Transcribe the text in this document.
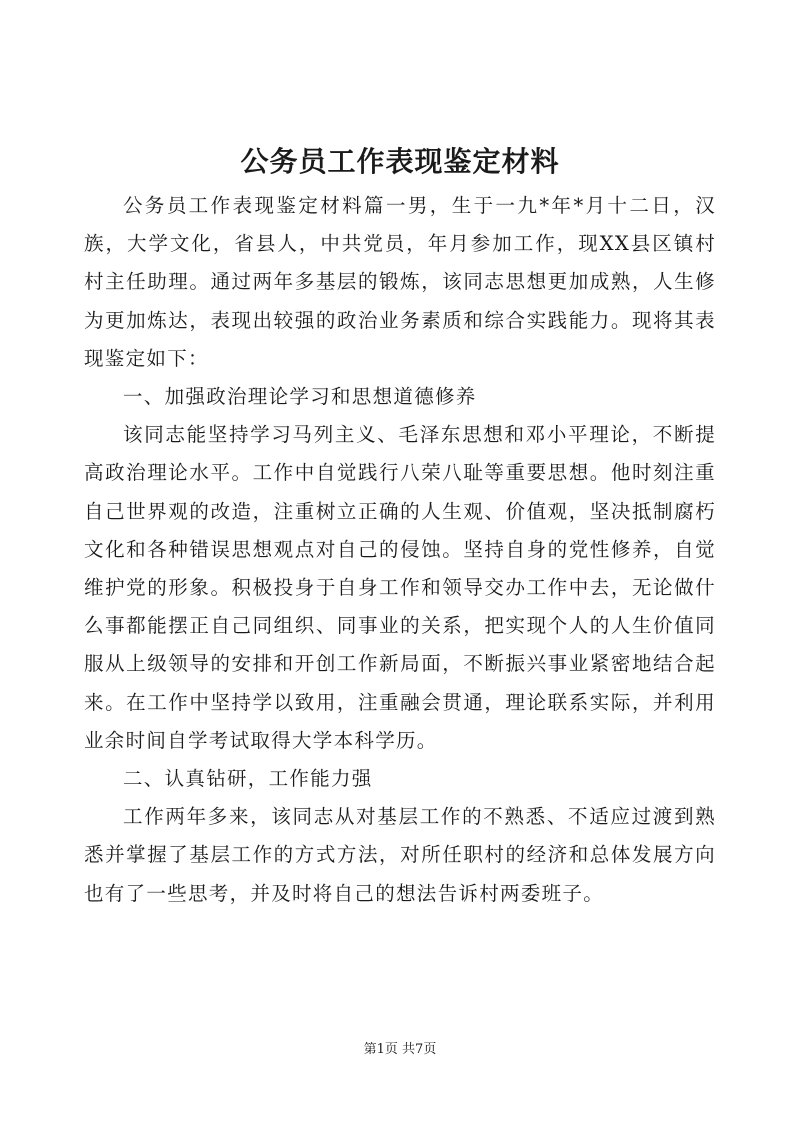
公务员工作表现鉴定材料

公务员工作表现鉴定材料篇一男，生于一九*年*月十二日，汉族，大学文化，省县人，中共党员，年月参加工作，现XX县区镇村村主任助理。通过两年多基层的锻炼，该同志思想更加成熟，人生修为更加炼达，表现出较强的政治业务素质和综合实践能力。现将其表现鉴定如下：

一、加强政治理论学习和思想道德修养

该同志能坚持学习马列主义、毛泽东思想和邓小平理论，不断提高政治理论水平。工作中自觉践行八荣八耻等重要思想。他时刻注重自己世界观的改造，注重树立正确的人生观、价值观，坚决抵制腐朽文化和各种错误思想观点对自己的侵蚀。坚持自身的党性修养，自觉维护党的形象。积极投身于自身工作和领导交办工作中去，无论做什么事都能摆正自己同组织、同事业的关系，把实现个人的人生价值同服从上级领导的安排和开创工作新局面，不断振兴事业紧密地结合起来。在工作中坚持学以致用，注重融会贯通，理论联系实际，并利用业余时间自学考试取得大学本科学历。

二、认真钻研，工作能力强

工作两年多来，该同志从对基层工作的不熟悉、不适应过渡到熟悉并掌握了基层工作的方式方法，对所任职村的经济和总体发展方向也有了一些思考，并及时将自己的想法告诉村两委班子。

第1页 共7页
